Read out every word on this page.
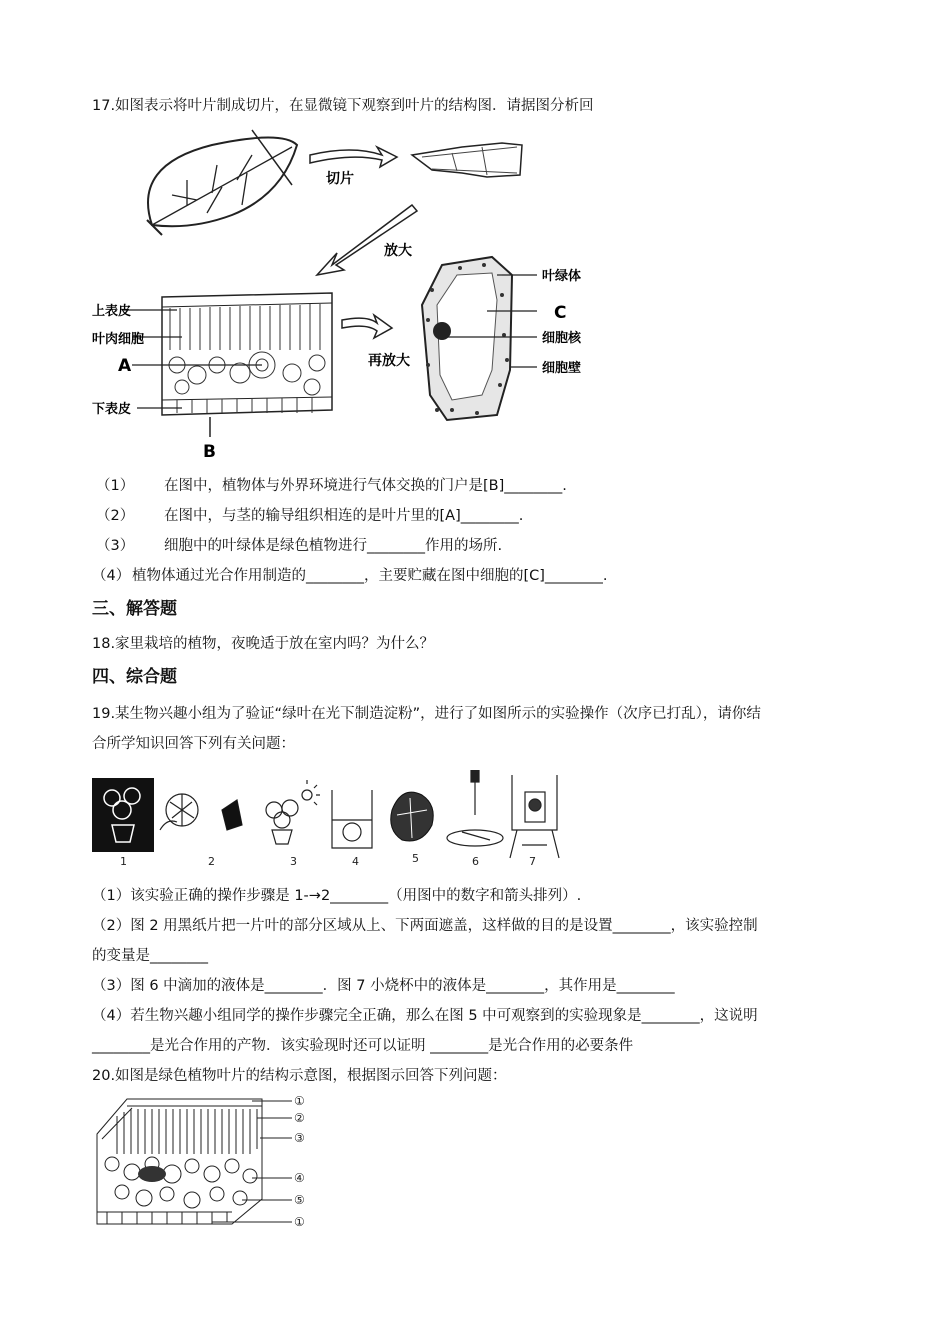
17.如图表示将叶片制成切片，在显微镜下观察到叶片的结构图．请据图分析回
切片
放大
上表皮
叶肉细胞
A
下表皮
B
再放大
叶绿体
C
细胞核
细胞壁
（1） 在图中，植物体与外界环境进行气体交换的门户是[B]________.
（2） 在图中，与茎的输导组织相连的是叶片里的[A]________.
（3） 细胞中的叶绿体是绿色植物进行________作用的场所.
（4） 植物体通过光合作用制造的________，主要贮藏在图中细胞的[C]________.
三、解答题
18.家里栽培的植物，夜晚适于放在室内吗？为什么？
四、综合题
19.某生物兴趣小组为了验证“绿叶在光下制造淀粉”，进行了如图所示的实验操作（次序已打乱），请你结
合所学知识回答下列有关问题：
1	2	3	4	5	6	7
（1）该实验正确的操作步骤是 1-→2________（用图中的数字和箭头排列）.
（2）图 2 用黑纸片把一片叶的部分区域从上、下两面遮盖，这样做的目的是设置________，该实验控制
的变量是________
（3）图 6 中滴加的液体是________．图 7 小烧杯中的液体是________，其作用是________
（4）若生物兴趣小组同学的操作步骤完全正确，那么在图 5 中可观察到的实验现象是________，这说明
________是光合作用的产物．该实验现时还可以证明 ________是光合作用的必要条件
20.如图是绿色植物叶片的结构示意图，根据图示回答下列问题：
①
②
③
④
⑤
①
